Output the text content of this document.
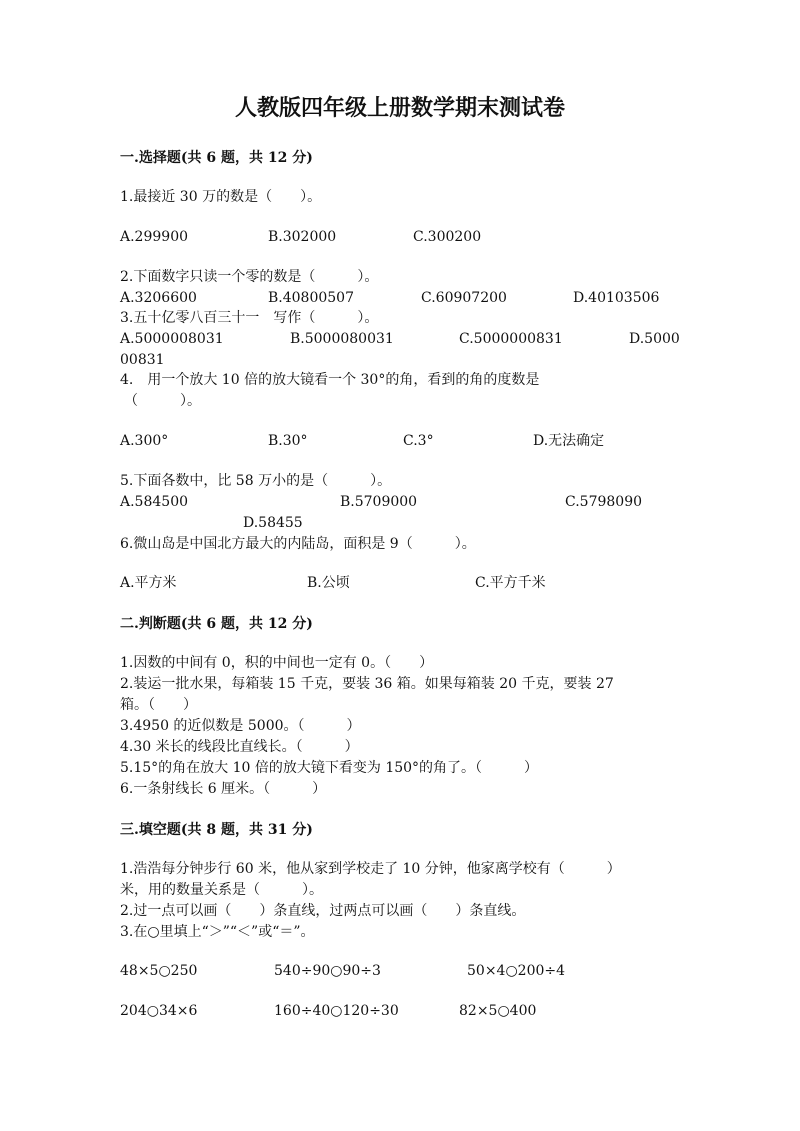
人教版四年级上册数学期末测试卷
一.选择题(共 6 题，共 12 分)
1.最接近 30 万的数是（　　）。
A.299900	B.302000	C.300200
2.下面数字只读一个零的数是（　　　）。
A.3206600	B.40800507	C.60907200	D.40103506
3.五十亿零八百三十一　写作（　　　）。
A.5000008031	B.5000080031	C.5000000831	D.5000
00831
4.　用一个放大 10 倍的放大镜看一个 30°的角，看到的角的度数是
（　　　）。
A.300°	B.30°	C.3°	D.无法确定
5.下面各数中，比 58 万小的是（　　　）。
A.584500	B.5709000	C.5798090
D.58455
6.微山岛是中国北方最大的内陆岛，面积是 9（　　　）。
A.平方米	B.公顷	C.平方千米
二.判断题(共 6 题，共 12 分)
1.因数的中间有 0，积的中间也一定有 0。（　　）
2.装运一批水果，每箱装 15 千克，要装 36 箱。如果每箱装 20 千克，要装 27
箱。（　　）
3.4950 的近似数是 5000。（　　　）
4.30 米长的线段比直线长。（　　　）
5.15°的角在放大 10 倍的放大镜下看变为 150°的角了。（　　　）
6.一条射线长 6 厘米。（　　　）
三.填空题(共 8 题，共 31 分)
1.浩浩每分钟步行 60 米，他从家到学校走了 10 分钟，他家离学校有（　　　）
米，用的数量关系是（　　　）。
2.过一点可以画（　　）条直线，过两点可以画（　　）条直线。
3.在○里填上“＞”“＜”或“＝”。
48×5○250	540÷90○90÷3	50×4○200÷4
204○34×6	160÷40○120÷30	82×5○400
